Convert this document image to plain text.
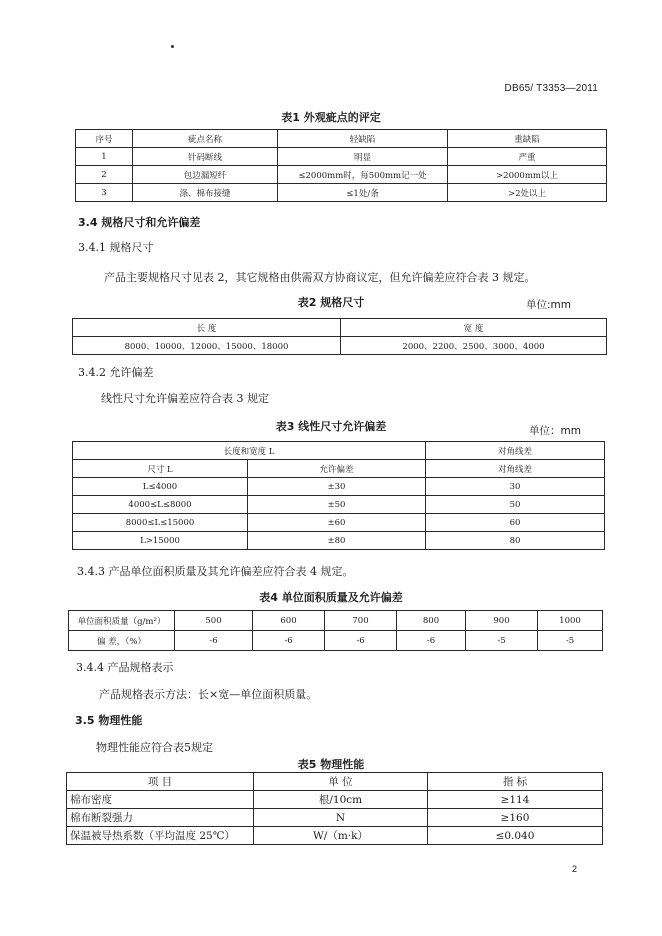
DB65/ T3353—2011
表1 外观疵点的评定
序号	疵点名称	轻缺陷	重缺陷
1	针码断线	明显	严重
2	包边漏短纤	≤2000mm时，每500mm记一处	>2000mm以上
3	涤、棉布接缝	≤1处/条	>2处以上
3.4 规格尺寸和允许偏差
3.4.1 规格尺寸
产品主要规格尺寸见表 2，其它规格由供需双方协商议定，但允许偏差应符合表 3 规定。
表2 规格尺寸	单位:mm
长 度	宽 度
8000、10000、12000、15000、18000	2000、2200、2500、3000、4000
3.4.2 允许偏差
线性尺寸允许偏差应符合表 3 规定
表3 线性尺寸允许偏差	单位：mm
长度和宽度 L		对角线差
尺寸 L	允许偏差	对角线差
L≤4000	±30	30
4000≤L≤8000	±50	50
8000≤L≤15000	±60	60
L>15000	±80	80
3.4.3 产品单位面积质量及其允许偏差应符合表 4 规定。
表4 单位面积质量及允许偏差
单位面积质量（g/m²）	500	600	700	800	900	1000
偏 差，（%）	-6	-6	-6	-6	-5	-5
3.4.4 产品规格表示
产品规格表示方法：长×宽—单位面积质量。
3.5 物理性能
物理性能应符合表5规定
表5 物理性能
项 目	单 位	指 标
棉布密度	根/10cm	≥114
棉布断裂强力	N	≥160
保温被导热系数（平均温度 25℃）	W/（m·k）	≤0.040
2
